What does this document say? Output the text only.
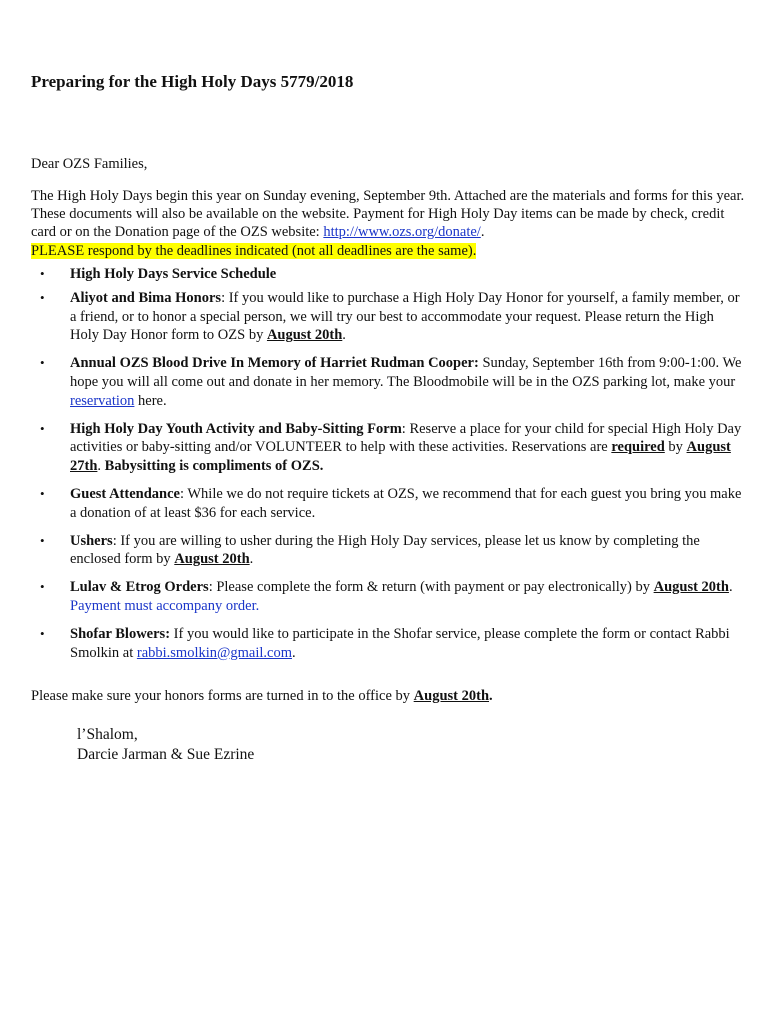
Preparing for the High Holy Days 5779/2018

Dear OZS Families,

The High Holy Days begin this year on Sunday evening, September 9th. Attached are the materials and forms for this year. These documents will also be available on the website. Payment for High Holy Day items can be made by check, credit card or on the Donation page of the OZS website: http://www.ozs.org/donate/.
PLEASE respond by the deadlines indicated (not all deadlines are the same).

• High Holy Days Service Schedule
• Aliyot and Bima Honors: If you would like to purchase a High Holy Day Honor for yourself, a family member, or a friend, or to honor a special person, we will try our best to accommodate your request. Please return the High Holy Day Honor form to OZS by August 20th.
• Annual OZS Blood Drive In Memory of Harriet Rudman Cooper: Sunday, September 16th from 9:00-1:00. We hope you will all come out and donate in her memory. The Bloodmobile will be in the OZS parking lot, make your reservation here.
• High Holy Day Youth Activity and Baby-Sitting Form: Reserve a place for your child for special High Holy Day activities or baby-sitting and/or VOLUNTEER to help with these activities. Reservations are required by August 27th. Babysitting is compliments of OZS.
• Guest Attendance: While we do not require tickets at OZS, we recommend that for each guest you bring you make a donation of at least $36 for each service.
• Ushers: If you are willing to usher during the High Holy Day services, please let us know by completing the enclosed form by August 20th.
• Lulav & Etrog Orders: Please complete the form & return (with payment or pay electronically) by August 20th. Payment must accompany order.
• Shofar Blowers: If you would like to participate in the Shofar service, please complete the form or contact Rabbi Smolkin at rabbi.smolkin@gmail.com.

Please make sure your honors forms are turned in to the office by August 20th.

l’Shalom,
Darcie Jarman & Sue Ezrine
